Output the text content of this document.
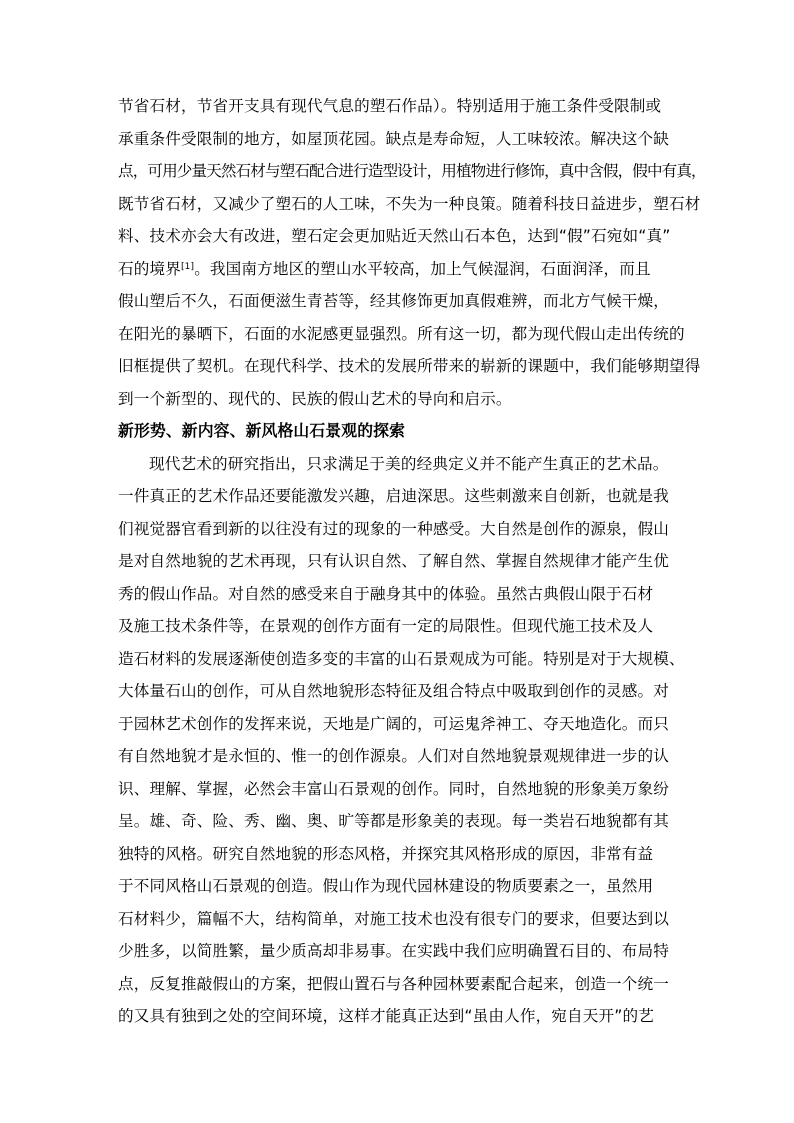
节省石材，节省开支具有现代气息的塑石作品）。特别适用于施工条件受限制或
承重条件受限制的地方，如屋顶花园。缺点是寿命短，人工味较浓。解决这个缺
点，可用少量天然石材与塑石配合进行造型设计，用植物进行修饰，真中含假，假中有真，
既节省石材，又减少了塑石的人工味，不失为一种良策。随着科技日益进步，塑石材
料、技术亦会大有改进，塑石定会更加贴近天然山石本色，达到“假”石宛如“真”
石的境界[1]。我国南方地区的塑山水平较高，加上气候湿润，石面润泽，而且
假山塑后不久，石面便滋生青苔等，经其修饰更加真假难辨，而北方气候干燥，
在阳光的暴晒下，石面的水泥感更显强烈。所有这一切，都为现代假山走出传统的
旧框提供了契机。在现代科学、技术的发展所带来的崭新的课题中，我们能够期望得
到一个新型的、现代的、民族的假山艺术的导向和启示。
新形势、新内容、新风格山石景观的探索
现代艺术的研究指出，只求满足于美的经典定义并不能产生真正的艺术品。
一件真正的艺术作品还要能激发兴趣，启迪深思。这些刺激来自创新，也就是我
们视觉器官看到新的以往没有过的现象的一种感受。大自然是创作的源泉，假山
是对自然地貌的艺术再现，只有认识自然、了解自然、掌握自然规律才能产生优
秀的假山作品。对自然的感受来自于融身其中的体验。虽然古典假山限于石材
及施工技术条件等，在景观的创作方面有一定的局限性。但现代施工技术及人
造石材料的发展逐渐使创造多变的丰富的山石景观成为可能。特别是对于大规模、
大体量石山的创作，可从自然地貌形态特征及组合特点中吸取到创作的灵感。对
于园林艺术创作的发挥来说，天地是广阔的，可运鬼斧神工、夺天地造化。而只
有自然地貌才是永恒的、惟一的创作源泉。人们对自然地貌景观规律进一步的认
识、理解、掌握，必然会丰富山石景观的创作。同时，自然地貌的形象美万象纷
呈。雄、奇、险、秀、幽、奥、旷等都是形象美的表现。每一类岩石地貌都有其
独特的风格。研究自然地貌的形态风格，并探究其风格形成的原因，非常有益
于不同风格山石景观的创造。假山作为现代园林建设的物质要素之一，虽然用
石材料少，篇幅不大，结构简单，对施工技术也没有很专门的要求，但要达到以
少胜多，以简胜繁，量少质高却非易事。在实践中我们应明确置石目的、布局特
点，反复推敲假山的方案，把假山置石与各种园林要素配合起来，创造一个统一
的又具有独到之处的空间环境，这样才能真正达到“虽由人作，宛自天开”的艺
